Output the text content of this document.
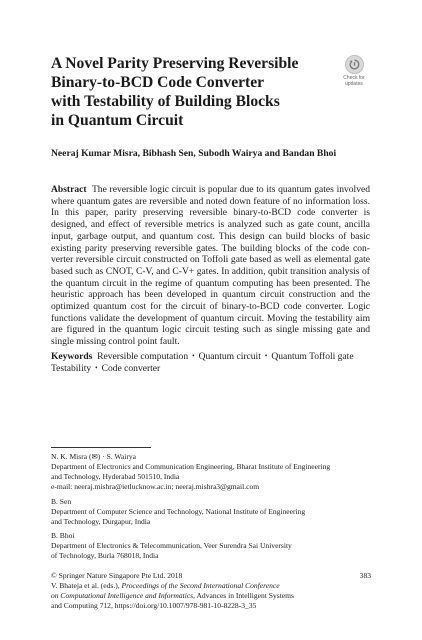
A Novel Parity Preserving Reversible
Binary-to-BCD Code Converter
with Testability of Building Blocks
in Quantum Circuit
Check for
updates

Neeraj Kumar Misra, Bibhash Sen, Subodh Wairya and Bandan Bhoi

Abstract The reversible logic circuit is popular due to its quantum gates involved where quantum gates are reversible and noted down feature of no information loss. In this paper, parity preserving reversible binary-to-BCD code converter is designed, and effect of reversible metrics is analyzed such as gate count, ancilla input, garbage output, and quantum cost. This design can build blocks of basic existing parity preserving reversible gates. The building blocks of the code con-verter reversible circuit constructed on Toffoli gate based as well as elemental gate based such as CNOT, C-V, and C-V+ gates. In addition, qubit transition analysis of the quantum circuit in the regime of quantum computing has been presented. The heuristic approach has been developed in quantum circuit construction and the optimized quantum cost for the circuit of binary-to-BCD code converter. Logic functions validate the development of quantum circuit. Moving the testability aim are figured in the quantum logic circuit testing such as single missing gate and single missing control point fault.

Keywords Reversible computation • Quantum circuit • Quantum Toffoli gate
Testability • Code converter

N. K. Misra (✉) · S. Wairya
Department of Electronics and Communication Engineering, Bharat Institute of Engineering
and Technology, Hyderabad 501510, India
e-mail: neeraj.mishra@ietlucknow.ac.in; neeraj.mishra3@gmail.com
B. Sen
Department of Computer Science and Technology, National Institute of Engineering
and Technology, Durgapur, India
B. Bhoi
Department of Electronics & Telecommunication, Veer Surendra Sai University
of Technology, Burla 768018, India
© Springer Nature Singapore Pte Ltd. 2018
V. Bhateja et al. (eds.), Proceedings of the Second International Conference
on Computational Intelligence and Informatics, Advances in Intelligent Systems
and Computing 712, https://doi.org/10.1007/978-981-10-8228-3_35
383
